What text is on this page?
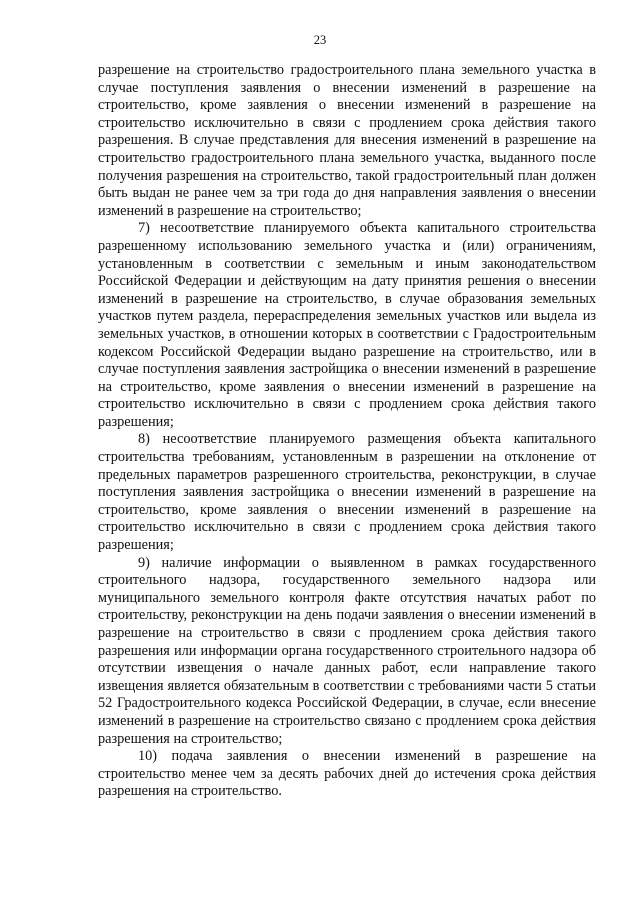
23

разрешение на строительство градостроительного плана земельного участка в случае поступления заявления о внесении изменений в разрешение на строительство, кроме заявления о внесении изменений в разрешение на строительство исключительно в связи с продлением срока действия такого разрешения. В случае представления для внесения изменений в разрешение на строительство градостроительного плана земельного участка, выданного после получения разрешения на строительство, такой градостроительный план должен быть выдан не ранее чем за три года до дня направления заявления о внесении изменений в разрешение на строительство;

7) несоответствие планируемого объекта капитального строительства разрешенному использованию земельного участка и (или) ограничениям, установленным в соответствии с земельным и иным законодательством Российской Федерации и действующим на дату принятия решения о внесении изменений в разрешение на строительство, в случае образования земельных участков путем раздела, перераспределения земельных участков или выдела из земельных участков, в отношении которых в соответствии с Градостроительным кодексом Российской Федерации выдано разрешение на строительство, или в случае поступления заявления застройщика о внесении изменений в разрешение на строительство, кроме заявления о внесении изменений в разрешение на строительство исключительно в связи с продлением срока действия такого разрешения;

8) несоответствие планируемого размещения объекта капитального строительства требованиям, установленным в разрешении на отклонение от предельных параметров разрешенного строительства, реконструкции, в случае поступления заявления застройщика о внесении изменений в разрешение на строительство, кроме заявления о внесении изменений в разрешение на строительство исключительно в связи с продлением срока действия такого разрешения;

9) наличие информации о выявленном в рамках государственного строительного надзора, государственного земельного надзора или муниципального земельного контроля факте отсутствия начатых работ по строительству, реконструкции на день подачи заявления о внесении изменений в разрешение на строительство в связи с продлением срока действия такого разрешения или информации органа государственного строительного надзора об отсутствии извещения о начале данных работ, если направление такого извещения является обязательным в соответствии с требованиями части 5 статьи 52 Градостроительного кодекса Российской Федерации, в случае, если внесение изменений в разрешение на строительство связано с продлением срока действия разрешения на строительство;

10) подача заявления о внесении изменений в разрешение на строительство менее чем за десять рабочих дней до истечения срока действия разрешения на строительство.
